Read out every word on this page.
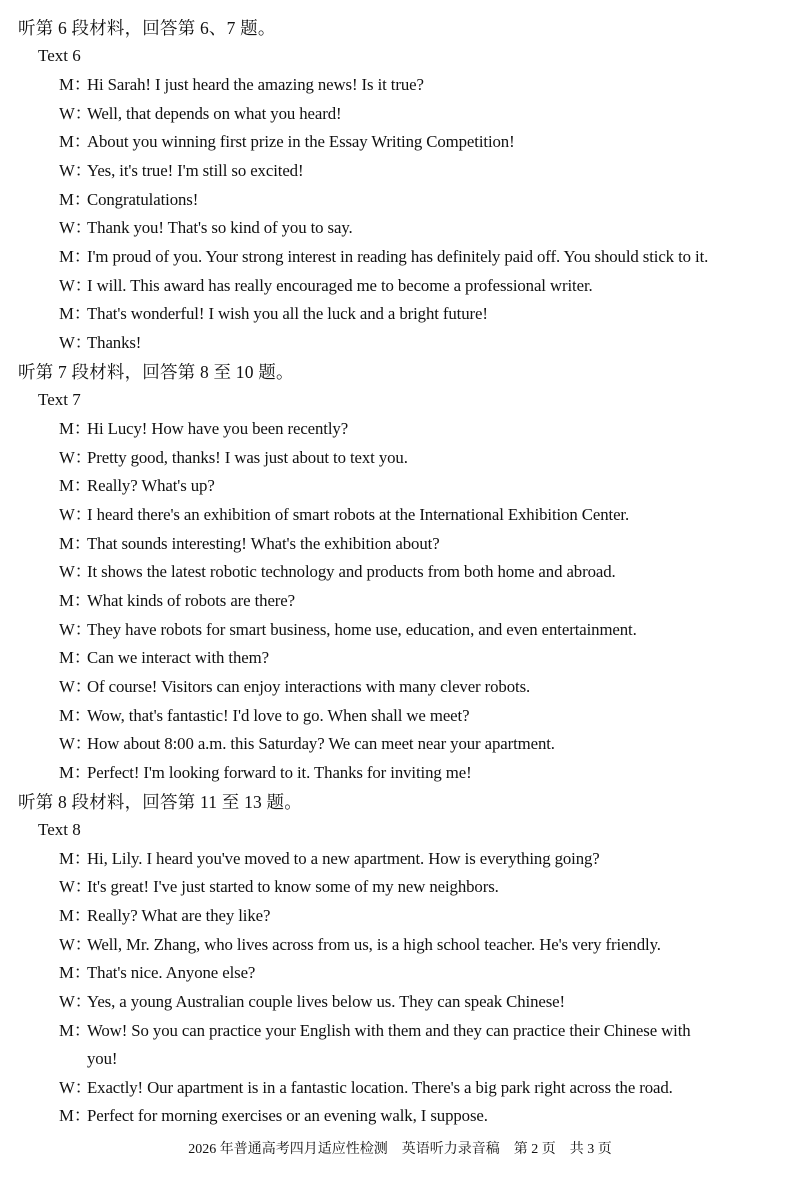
听第 6 段材料，回答第 6、7 题。
Text 6
M：Hi Sarah! I just heard the amazing news! Is it true?
W：Well, that depends on what you heard!
M：About you winning first prize in the Essay Writing Competition!
W：Yes, it's true! I'm still so excited!
M：Congratulations!
W：Thank you! That's so kind of you to say.
M：I'm proud of you. Your strong interest in reading has definitely paid off. You should stick to it.
W：I will. This award has really encouraged me to become a professional writer.
M：That's wonderful! I wish you all the luck and a bright future!
W：Thanks!
听第 7 段材料，回答第 8 至 10 题。
Text 7
M：Hi Lucy! How have you been recently?
W：Pretty good, thanks! I was just about to text you.
M：Really? What's up?
W：I heard there's an exhibition of smart robots at the International Exhibition Center.
M：That sounds interesting! What's the exhibition about?
W：It shows the latest robotic technology and products from both home and abroad.
M：What kinds of robots are there?
W：They have robots for smart business, home use, education, and even entertainment.
M：Can we interact with them?
W：Of course! Visitors can enjoy interactions with many clever robots.
M：Wow, that's fantastic! I'd love to go. When shall we meet?
W：How about 8:00 a.m. this Saturday? We can meet near your apartment.
M：Perfect! I'm looking forward to it. Thanks for inviting me!
听第 8 段材料，回答第 11 至 13 题。
Text 8
M：Hi, Lily. I heard you've moved to a new apartment. How is everything going?
W：It's great! I've just started to know some of my new neighbors.
M：Really? What are they like?
W：Well, Mr. Zhang, who lives across from us, is a high school teacher. He's very friendly.
M：That's nice. Anyone else?
W：Yes, a young Australian couple lives below us. They can speak Chinese!
M：Wow! So you can practice your English with them and they can practice their Chinese with
you!
W：Exactly! Our apartment is in a fantastic location. There's a big park right across the road.
M：Perfect for morning exercises or an evening walk, I suppose.
2026 年普通高考四月适应性检测　英语听力录音稿　第 2 页　共 3 页
